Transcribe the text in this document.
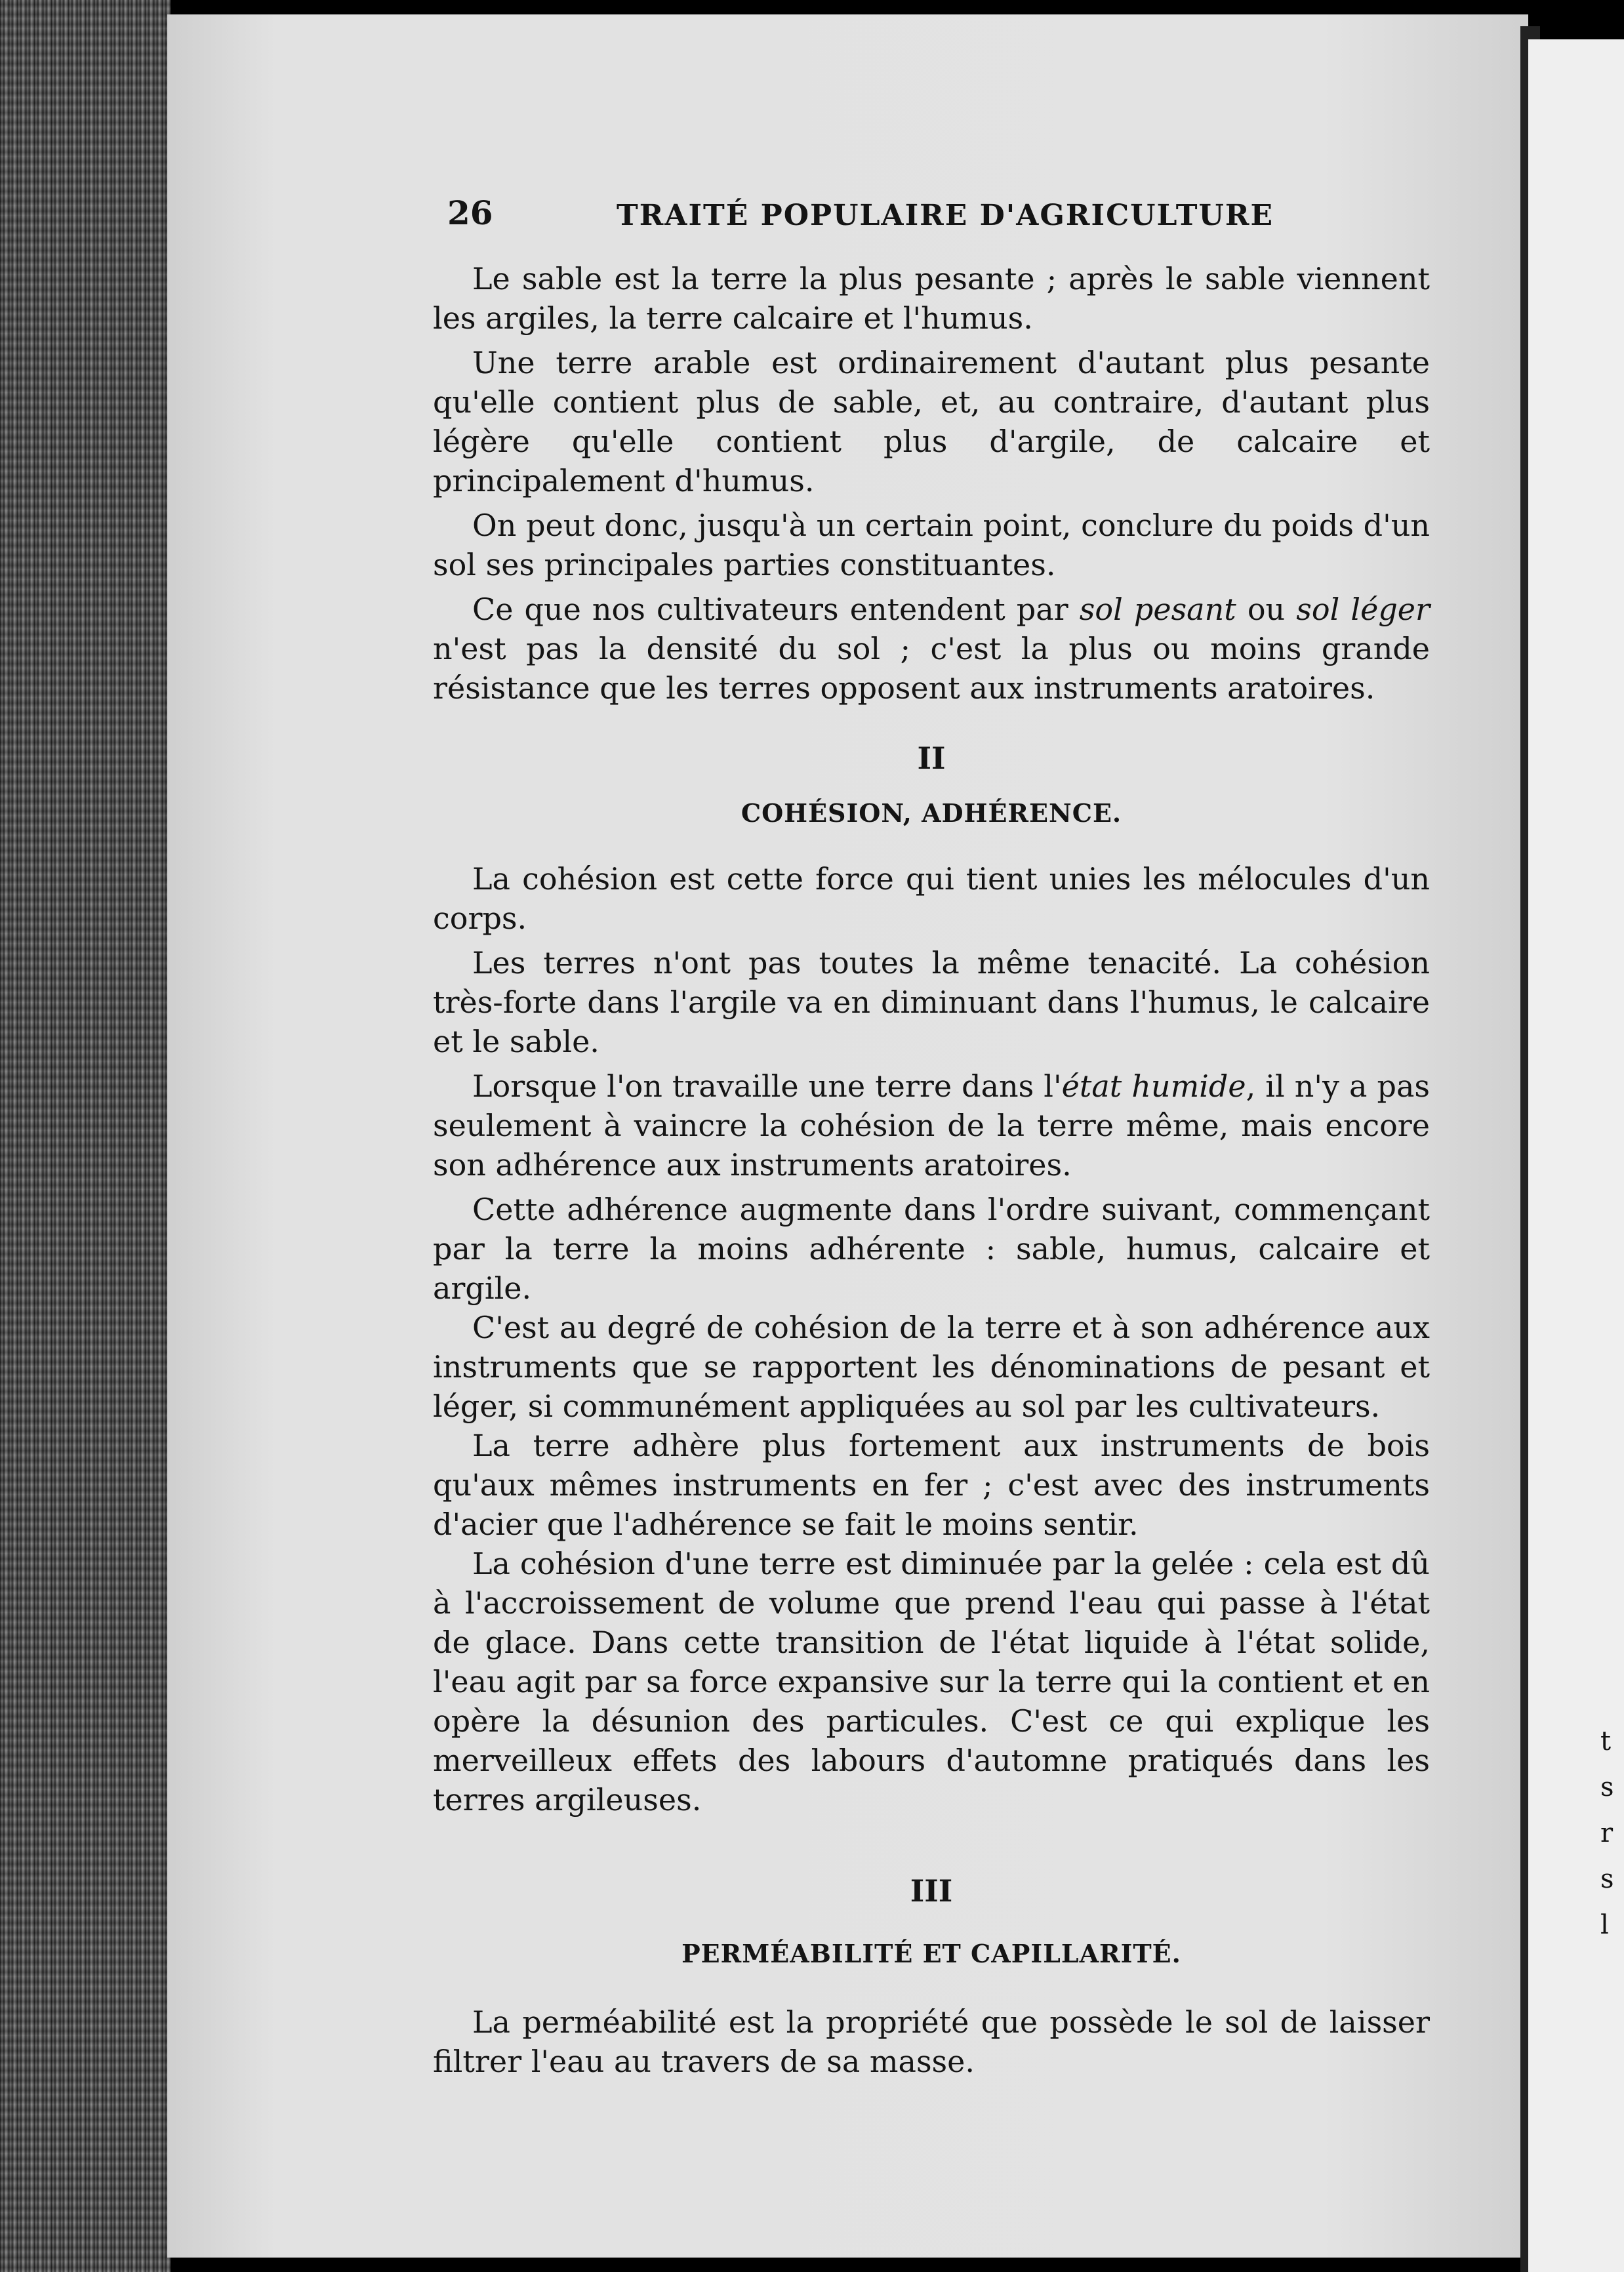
t
s
r
s
l
26	TRAITÉ POPULAIRE D'AGRICULTURE

Le sable est la terre la plus pesante ; après le sable viennent les argiles, la terre calcaire et l'humus.

Une terre arable est ordinairement d'autant plus pesante qu'elle contient plus de sable, et, au contraire, d'autant plus légère qu'elle contient plus d'argile, de calcaire et principalement d'humus.

On peut donc, jusqu'à un certain point, conclure du poids d'un sol ses principales parties constituantes.

Ce que nos cultivateurs entendent par sol pesant ou sol léger n'est pas la densité du sol ; c'est la plus ou moins grande résistance que les terres opposent aux instruments aratoires.

II
COHÉSION, ADHÉRENCE.

La cohésion est cette force qui tient unies les mélocules d'un corps.

Les terres n'ont pas toutes la même tenacité. La cohésion très-forte dans l'argile va en diminuant dans l'humus, le calcaire et le sable.

Lorsque l'on travaille une terre dans l'état humide, il n'y a pas seulement à vaincre la cohésion de la terre même, mais encore son adhérence aux instruments aratoires.

Cette adhérence augmente dans l'ordre suivant, commençant par la terre la moins adhérente : sable, humus, calcaire et argile.

C'est au degré de cohésion de la terre et à son adhérence aux instruments que se rapportent les dénominations de pesant et léger, si communément appliquées au sol par les cultivateurs.

La terre adhère plus fortement aux instruments de bois qu'aux mêmes instruments en fer ; c'est avec des instruments d'acier que l'adhérence se fait le moins sentir.

La cohésion d'une terre est diminuée par la gelée : cela est dû à l'accroissement de volume que prend l'eau qui passe à l'état de glace. Dans cette transition de l'état liquide à l'état solide, l'eau agit par sa force expansive sur la terre qui la contient et en opère la désunion des particules. C'est ce qui explique les merveilleux effets des labours d'automne pratiqués dans les terres argileuses.

III
PERMÉABILITÉ ET CAPILLARITÉ.

La perméabilité est la propriété que possède le sol de laisser filtrer l'eau au travers de sa masse.
